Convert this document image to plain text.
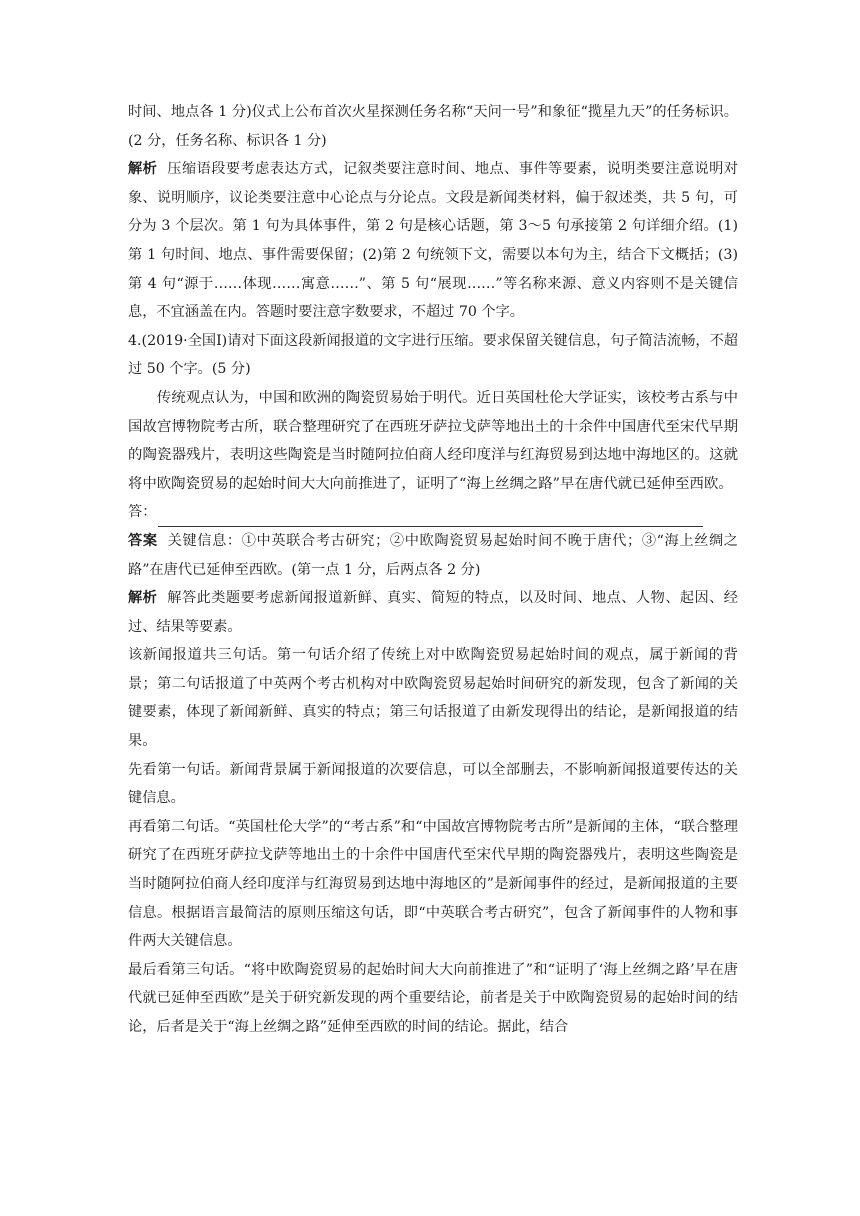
时间、地点各 1 分)仪式上公布首次火星探测任务名称“天问一号”和象征“揽星九天”的任务标识。(2 分，任务名称、标识各 1 分)

解析 压缩语段要考虑表达方式，记叙类要注意时间、地点、事件等要素，说明类要注意说明对象、说明顺序，议论类要注意中心论点与分论点。文段是新闻类材料，偏于叙述类，共 5 句，可分为 3 个层次。第 1 句为具体事件，第 2 句是核心话题，第 3～5 句承接第 2 句详细介绍。(1)第 1 句时间、地点、事件需要保留；(2)第 2 句统领下文，需要以本句为主，结合下文概括；(3)第 4 句“源于……体现……寓意……”、第 5 句“展现……”等名称来源、意义内容则不是关键信息，不宜涵盖在内。答题时要注意字数要求，不超过 70 个字。

4.(2019·全国Ⅰ)请对下面这段新闻报道的文字进行压缩。要求保留关键信息，句子简洁流畅，不超过 50 个字。(5 分)

传统观点认为，中国和欧洲的陶瓷贸易始于明代。近日英国杜伦大学证实，该校考古系与中国故宫博物院考古所，联合整理研究了在西班牙萨拉戈萨等地出土的十余件中国唐代至宋代早期的陶瓷器残片，表明这些陶瓷是当时随阿拉伯商人经印度洋与红海贸易到达地中海地区的。这就将中欧陶瓷贸易的起始时间大大向前推进了，证明了“海上丝绸之路”早在唐代就已延伸至西欧。

答：

答案 关键信息：①中英联合考古研究；②中欧陶瓷贸易起始时间不晚于唐代；③“海上丝绸之路”在唐代已延伸至西欧。(第一点 1 分，后两点各 2 分)

解析 解答此类题要考虑新闻报道新鲜、真实、简短的特点，以及时间、地点、人物、起因、经过、结果等要素。

该新闻报道共三句话。第一句话介绍了传统上对中欧陶瓷贸易起始时间的观点，属于新闻的背景；第二句话报道了中英两个考古机构对中欧陶瓷贸易起始时间研究的新发现，包含了新闻的关键要素，体现了新闻新鲜、真实的特点；第三句话报道了由新发现得出的结论，是新闻报道的结果。

先看第一句话。新闻背景属于新闻报道的次要信息，可以全部删去，不影响新闻报道要传达的关键信息。

再看第二句话。“英国杜伦大学”的“考古系”和“中国故宫博物院考古所”是新闻的主体，“联合整理研究了在西班牙萨拉戈萨等地出土的十余件中国唐代至宋代早期的陶瓷器残片，表明这些陶瓷是当时随阿拉伯商人经印度洋与红海贸易到达地中海地区的”是新闻事件的经过，是新闻报道的主要信息。根据语言最简洁的原则压缩这句话，即“中英联合考古研究”，包含了新闻事件的人物和事件两大关键信息。

最后看第三句话。“将中欧陶瓷贸易的起始时间大大向前推进了”和“证明了‘海上丝绸之路’早在唐代就已延伸至西欧”是关于研究新发现的两个重要结论，前者是关于中欧陶瓷贸易的起始时间的结论，后者是关于“海上丝绸之路”延伸至西欧的时间的结论。据此，结合
